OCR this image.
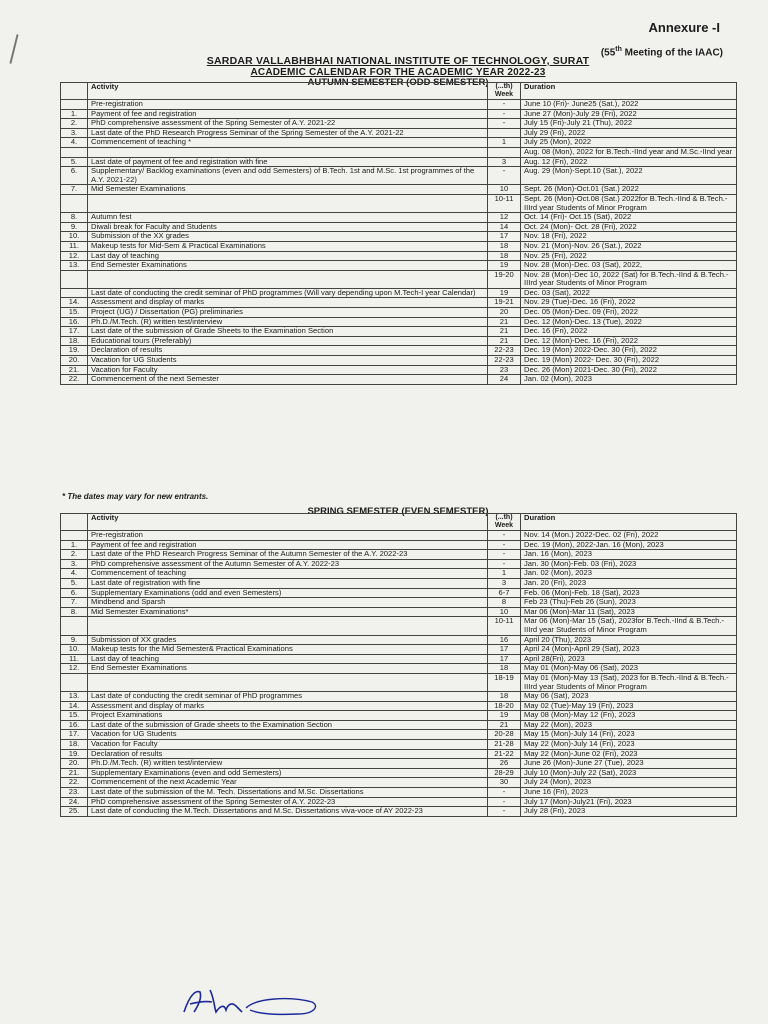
Annexure -I
(55th Meeting of the IAAC)
SARDAR VALLABHBHAI NATIONAL INSTITUTE OF TECHNOLOGY, SURAT
ACADEMIC CALENDAR FOR THE ACADEMIC YEAR 2022-23
AUTUMN SEMESTER (ODD SEMESTER)
	Activity	(...th) Week	Duration
	Pre-registration	-	June 10 (Fri)- June25 (Sat.), 2022
1.	Payment of fee and registration	-	June 27 (Mon)-July 29 (Fri), 2022
2.	PhD comprehensive assessment of the Spring Semester of A.Y. 2021-22	-	July 15 (Fri)-July 21 (Thu), 2022
3.	Last date of the PhD Research Progress Seminar of the Spring Semester of the A.Y. 2021-22		July 29 (Fri), 2022
4.	Commencement of teaching *	1	July 25 (Mon), 2022
			Aug. 08 (Mon), 2022 for B.Tech.-IInd year and M.Sc.-IInd year
5.	Last date of payment of fee and registration with fine	3	Aug. 12 (Fri), 2022
6.	Supplementary/ Backlog examinations (even and odd Semesters) of B.Tech. 1st and M.Sc. 1st programmes of the A.Y. 2021-22)	-	Aug. 29 (Mon)-Sept.10 (Sat.), 2022
7.	Mid Semester Examinations	10	Sept. 26 (Mon)-Oct.01 (Sat.) 2022
		10-11	Sept. 26 (Mon)-Oct.08 (Sat.) 2022for B.Tech.-IInd & B.Tech.-IIIrd year Students of Minor Program
8.	Autumn fest	12	Oct. 14 (Fri)- Oct.15 (Sat), 2022
9.	Diwali break for Faculty and Students	14	Oct. 24 (Mon)- Oct. 28 (Fri), 2022
10.	Submission of the XX grades	17	Nov. 18 (Fri), 2022
11.	Makeup tests for Mid-Sem & Practical Examinations	18	Nov. 21 (Mon)-Nov. 26 (Sat.), 2022
12.	Last day of teaching	18	Nov. 25 (Fri), 2022
13.	End Semester Examinations	19	Nov. 28 (Mon)-Dec. 03 (Sat), 2022,
		19-20	Nov. 28 (Mon)-Dec 10, 2022 (Sat) for B.Tech.-IInd & B.Tech.-IIIrd year Students of Minor Program
	Last date of conducting the credit seminar of PhD programmes (Will vary depending upon M.Tech-I year Calendar)	19	Dec. 03 (Sat), 2022
14.	Assessment and display of marks	19-21	Nov. 29 (Tue)-Dec. 16 (Fri), 2022
15.	Project (UG) / Dissertation (PG) preliminaries	20	Dec. 05 (Mon)-Dec. 09 (Fri), 2022
16.	Ph.D./M.Tech. (R) written test/interview	21	Dec. 12 (Mon)-Dec. 13 (Tue), 2022
17.	Last date of the submission of Grade Sheets to the Examination Section	21	Dec. 16 (Fri), 2022
18.	Educational tours (Preferably)	21	Dec. 12 (Mon)-Dec. 16 (Fri), 2022
19.	Declaration of results	22-23	Dec. 19 (Mon) 2022-Dec. 30 (Fri), 2022
20.	Vacation for UG Students	22-23	Dec. 19 (Mon) 2022- Dec. 30 (Fri), 2022
21.	Vacation for Faculty	23	Dec. 26 (Mon) 2021-Dec. 30 (Fri), 2022
22.	Commencement of the next Semester	24	Jan. 02 (Mon), 2023
* The dates may vary for new entrants.
SPRING SEMESTER (EVEN SEMESTER)
	Activity	(...th) Week	Duration
	Pre-registration	-	Nov. 14 (Mon.) 2022-Dec. 02 (Fri), 2022
1.	Payment of fee and registration	-	Dec. 19 (Mon), 2022-Jan. 16 (Mon), 2023
2.	Last date of the PhD Research Progress Seminar of the Autumn Semester of the A.Y. 2022-23	-	Jan. 16 (Mon), 2023
3.	PhD comprehensive assessment of the Autumn Semester of A.Y. 2022-23	-	Jan. 30 (Mon)-Feb. 03 (Fri), 2023
4.	Commencement of teaching	1	Jan. 02 (Mon), 2023
5.	Last date of registration with fine	3	Jan. 20 (Fri), 2023
6.	Supplementary Examinations (odd and even Semesters)	6-7	Feb. 06 (Mon)-Feb. 18 (Sat), 2023
7.	Mindbend and Sparsh	8	Feb 23 (Thu)-Feb 26 (Sun), 2023
8.	Mid Semester Examinations*	10	Mar 06 (Mon)-Mar 11 (Sat), 2023
		10-11	Mar 06 (Mon)-Mar 15 (Sat), 2023for B.Tech.-IInd & B.Tech.-IIIrd year Students of Minor Program
9.	Submission of XX grades	16	April 20 (Thu), 2023
10.	Makeup tests for the Mid Semester& Practical Examinations	17	April 24 (Mon)-April 29 (Sat), 2023
11.	Last day of teaching	17	April 28(Fri), 2023
12.	End Semester Examinations	18	May 01 (Mon)-May 06 (Sat), 2023
		18-19	May 01 (Mon)-May 13 (Sat), 2023 for B.Tech.-IInd & B.Tech.-IIIrd year Students of Minor Program
13.	Last date of conducting the credit seminar of PhD programmes	18	May 06 (Sat), 2023
14.	Assessment and display of marks	18-20	May 02 (Tue)-May 19 (Fri), 2023
15.	Project Examinations	19	May 08 (Mon)-May 12 (Fri), 2023
16.	Last date of the submission of Grade sheets to the Examination Section	21	May 22 (Mon), 2023
17.	Vacation for UG Students	20-28	May 15 (Mon)-July 14 (Fri), 2023
18.	Vacation for Faculty	21-28	May 22 (Mon)-July 14 (Fri), 2023
19.	Declaration of results	21-22	May 22 (Mon)-June 02 (Fri), 2023
20.	Ph.D./M.Tech. (R) written test/interview	26	June 26 (Mon)-June 27 (Tue), 2023
21.	Supplementary Examinations (even and odd Semesters)	28-29	July 10 (Mon)-July 22 (Sat), 2023
22.	Commencement of the next Academic Year	30	July 24 (Mon), 2023
23.	Last date of the submission of the M. Tech. Dissertations and M.Sc. Dissertations	-	June 16 (Fri), 2023
24.	PhD comprehensive assessment of the Spring Semester of A.Y. 2022-23	-	July 17 (Mon)-July21 (Fri), 2023
25.	Last date of conducting the M.Tech. Dissertations and M.Sc. Dissertations viva-voce of AY 2022-23	-	July 28 (Fri), 2023
